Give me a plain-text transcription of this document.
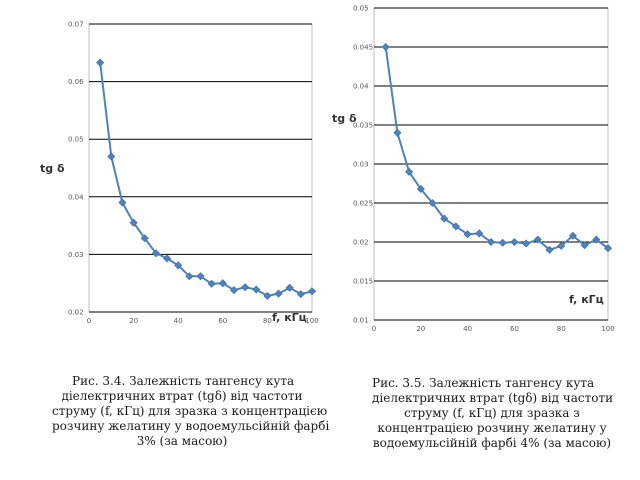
tg δ
f, кГц
0.02
0.03
0.04
0.05
0.06
0.07
0	20	40	60	80	100
tg δ
f, кГц
0.01
0.015
0.02
0.025
0.03
0.035
0.04
0.045
0.05
0	20	40	60	80	100
Рис. 3.4. Залежність тангенсу кута
діелектричних втрат (tgδ) від частоти
струму (f, кГц) для зразка з концентрацією
розчину желатину у водоемульсійній фарбі
3% (за масою)
Рис. 3.5. Залежність тангенсу кута
діелектричних втрат (tgδ) від частоти
струму (f, кГц) для зразка з
концентрацією розчину желатину у
водоемульсійній фарбі 4% (за масою)
